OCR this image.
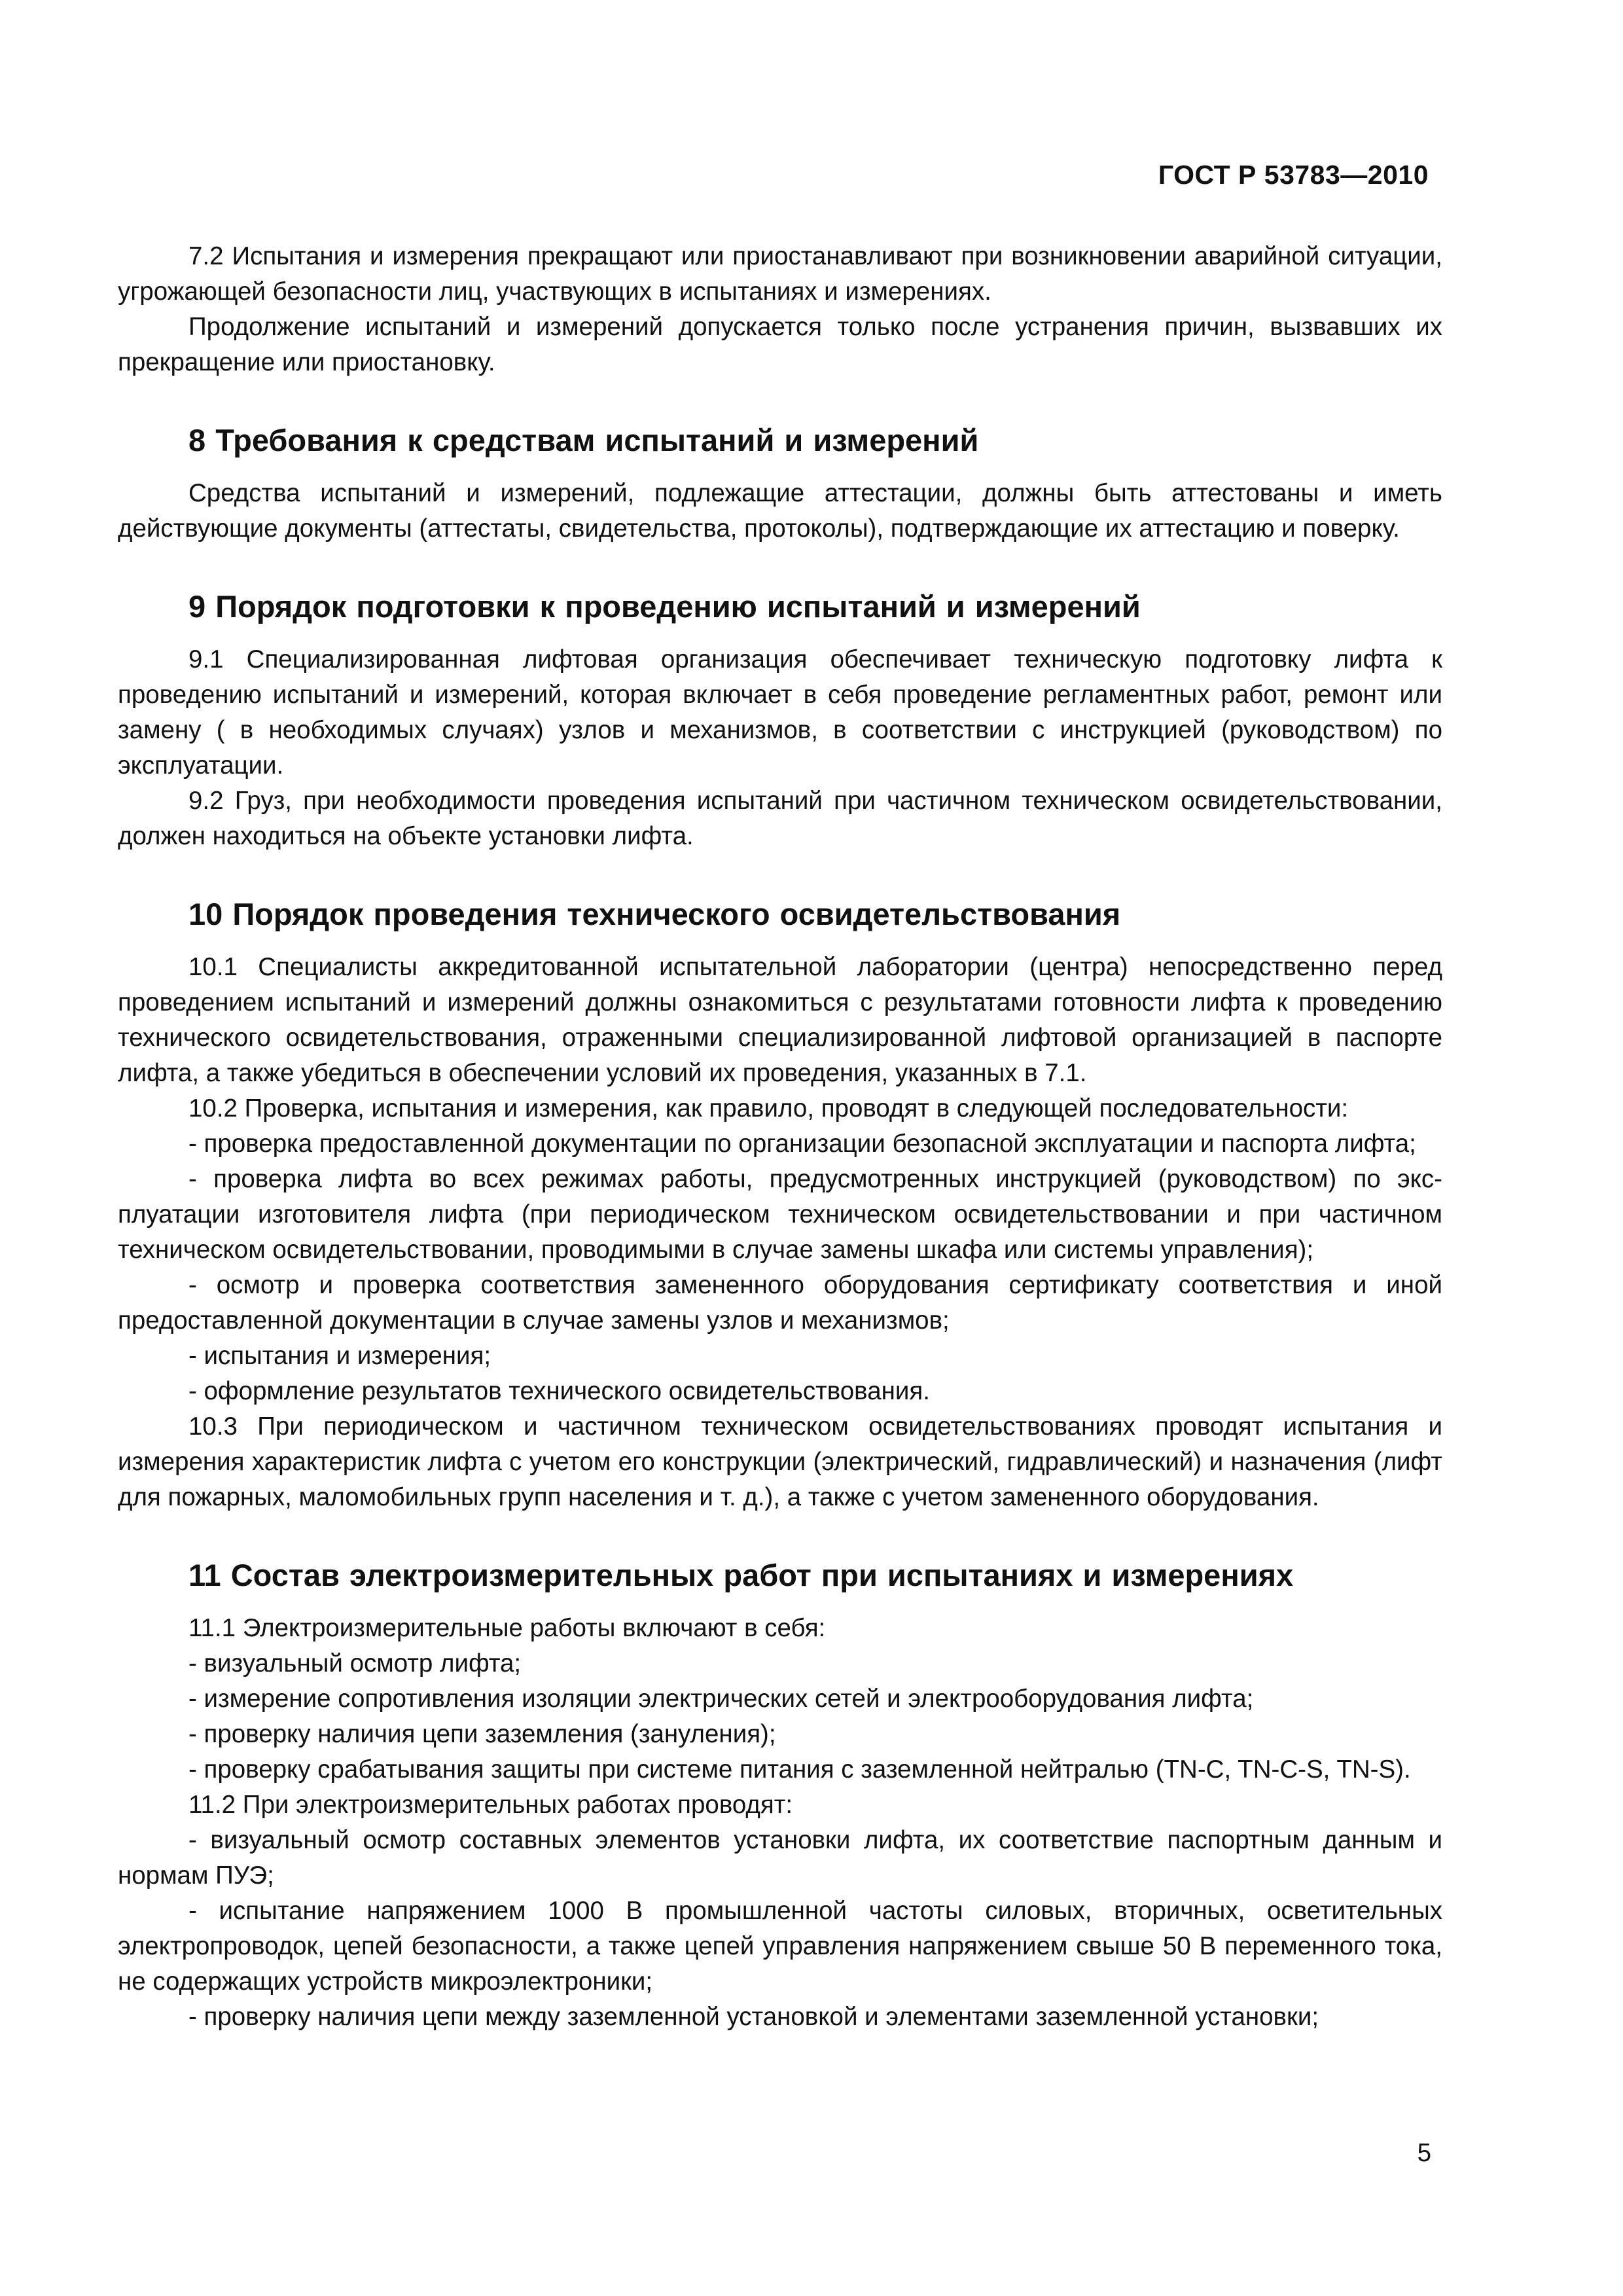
ГОСТ Р 53783—2010

7.2 Испытания и измерения прекращают или приостанавливают при возникновении аварийной ситуации, угрожающей безопасности лиц, участвующих в испытаниях и измерениях.

Продолжение испытаний и измерений допускается только после устранения причин, вызвавших их прекращение или приостановку.

8 Требования к средствам испытаний и измерений

Средства испытаний и измерений, подлежащие аттестации, должны быть аттестованы и иметь действующие документы (аттестаты, свидетельства, протоколы), подтверждающие их аттестацию и поверку.

9 Порядок подготовки к проведению испытаний и измерений

9.1 Специализированная лифтовая организация обеспечивает техническую подготовку лифта к проведению испытаний и измерений, которая включает в себя проведение регламентных работ, ремонт или замену ( в необходимых случаях) узлов и механизмов, в соответствии с инструкцией (руководством) по эксплуатации.

9.2 Груз, при необходимости проведения испытаний при частичном техническом освидетельствовании, должен находиться на объекте установки лифта.

10 Порядок проведения технического освидетельствования

10.1 Специалисты аккредитованной испытательной лаборатории (центра) непосредственно перед проведением испытаний и измерений должны ознакомиться с результатами готовности лифта к проведению технического освидетельствования, отраженными специализированной лифтовой организацией в паспорте лифта, а также убедиться в обеспечении условий их проведения, указанных в 7.1.

10.2 Проверка, испытания и измерения, как правило, проводят в следующей последовательности:

- проверка предоставленной документации по организации безопасной эксплуатации и паспорта лифта;

- проверка лифта во всех режимах работы, предусмотренных инструкцией (руководством) по эксплуатации изготовителя лифта (при периодическом техническом освидетельствовании и при частичном техническом освидетельствовании, проводимыми в случае замены шкафа или системы управления);

- осмотр и проверка соответствия замененного оборудования сертификату соответствия и иной предоставленной документации в случае замены узлов и механизмов;

- испытания и измерения;

- оформление результатов технического освидетельствования.

10.3 При периодическом и частичном техническом освидетельствованиях проводят испытания и измерения характеристик лифта с учетом его конструкции (электрический, гидравлический) и назначения (лифт для пожарных, маломобильных групп населения и т. д.), а также с учетом замененного оборудования.

11 Состав электроизмерительных работ при испытаниях и измерениях

11.1 Электроизмерительные работы включают в себя:

- визуальный осмотр лифта;

- измерение сопротивления изоляции электрических сетей и электрооборудования лифта;

- проверку наличия цепи заземления (зануления);

- проверку срабатывания защиты при системе питания с заземленной нейтралью (TN-C, TN-C-S, TN-S).

11.2 При электроизмерительных работах проводят:

- визуальный осмотр составных элементов установки лифта, их соответствие паспортным данным и нормам ПУЭ;

- испытание напряжением 1000 В промышленной частоты силовых, вторичных, осветительных электропроводок, цепей безопасности, а также цепей управления напряжением свыше 50 В переменного тока, не содержащих устройств микроэлектроники;

- проверку наличия цепи между заземленной установкой и элементами заземленной установки;

5
